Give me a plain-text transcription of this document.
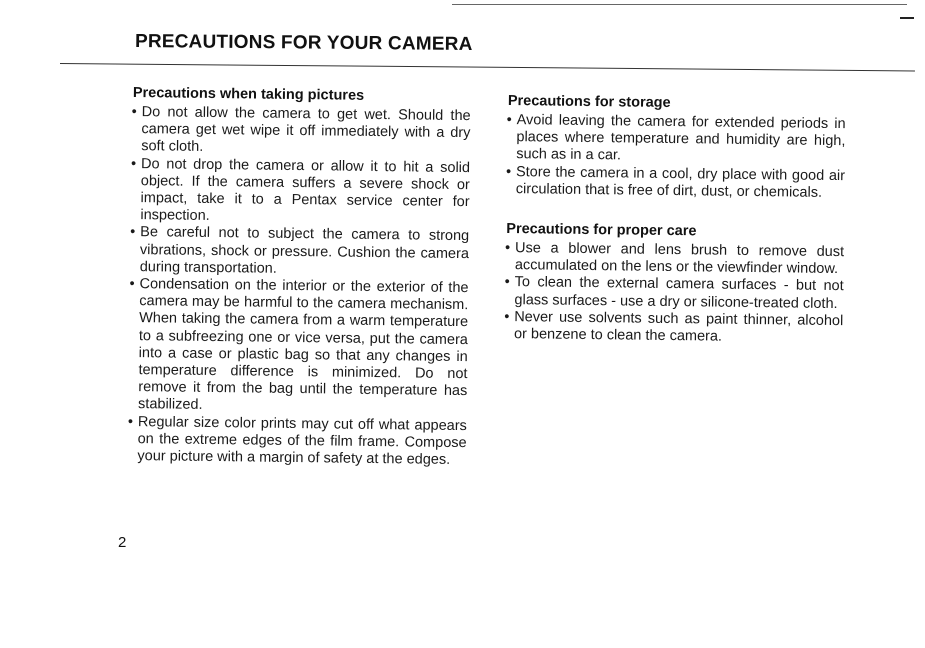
PRECAUTIONS FOR YOUR CAMERA
Precautions when taking pictures
• Do not allow the camera to get wet. Should the camera get wet wipe it off immediately with a dry soft cloth.
• Do not drop the camera or allow it to hit a solid object. If the camera suffers a severe shock or impact, take it to a Pentax service center for inspection.
• Be careful not to subject the camera to strong vibrations, shock or pressure. Cushion the camera during transportation.
• Condensation on the interior or the exterior of the camera may be harmful to the camera mechanism. When taking the camera from a warm temperature to a subfreezing one or vice versa, put the camera into a case or plastic bag so that any changes in temperature difference is minimized. Do not remove it from the bag until the temperature has stabilized.
• Regular size color prints may cut off what appears on the extreme edges of the film frame. Compose your picture with a margin of safety at the edges.
Precautions for storage
• Avoid leaving the camera for extended periods in places where temperature and humidity are high, such as in a car.
• Store the camera in a cool, dry place with good air circulation that is free of dirt, dust, or chemicals.
Precautions for proper care
• Use a blower and lens brush to remove dust accumulated on the lens or the viewfinder window.
• To clean the external camera surfaces - but not glass surfaces - use a dry or silicone-treated cloth.
• Never use solvents such as paint thinner, alcohol or benzene to clean the camera.
2
